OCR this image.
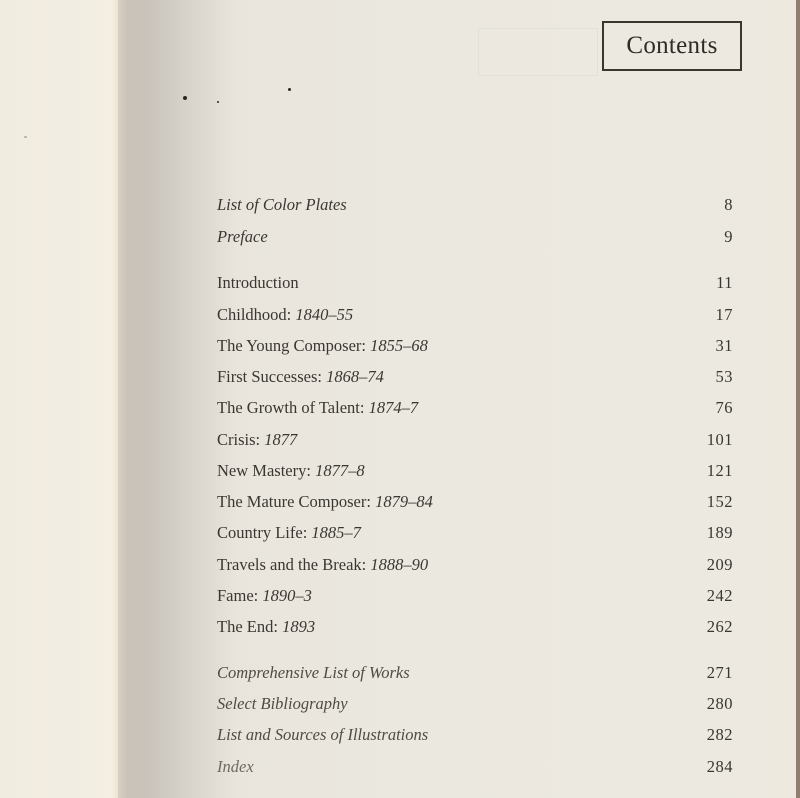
Contents
List of Color Plates	8
Preface	9
Introduction	11
Childhood: 1840–55	17
The Young Composer: 1855–68	31
First Successes: 1868–74	53
The Growth of Talent: 1874–7	76
Crisis: 1877	101
New Mastery: 1877–8	121
The Mature Composer: 1879–84	152
Country Life: 1885–7	189
Travels and the Break: 1888–90	209
Fame: 1890–3	242
The End: 1893	262
Comprehensive List of Works	271
Select Bibliography	280
List and Sources of Illustrations	282
Index	284
